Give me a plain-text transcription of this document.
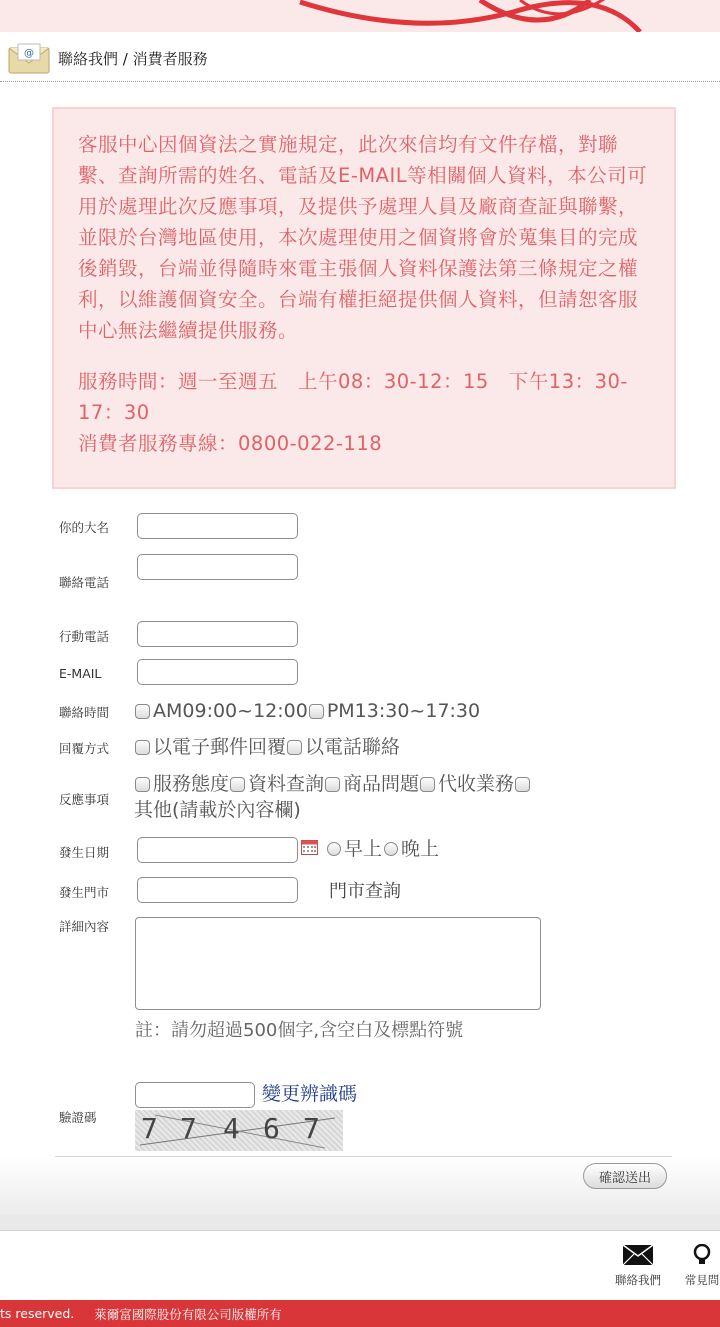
@ 聯絡我們 / 消費者服務

客服中心因個資法之實施規定，此次來信均有文件存檔，對聯繫、查詢所需的姓名、電話及E-MAIL等相關個人資料，本公司可用於處理此次反應事項，及提供予處理人員及廠商查証與聯繫，並限於台灣地區使用，本次處理使用之個資將會於蒐集目的完成後銷毀，台端並得隨時來電主張個人資料保護法第三條規定之權利，以維護個資安全。台端有權拒絕提供個人資料，但請恕客服中心無法繼續提供服務。

服務時間：週一至週五　上午08：30-12：15　下午13：30-17：30

消費者服務專線：0800-022-118

你的大名
聯絡電話
行動電話
E-MAIL
聯絡時間 AM09:00~12:00 PM13:30~17:30
回覆方式 以電子郵件回覆 以電話聯絡
反應事項
服務態度 資料查詢 商品問題 代收業務
其他(請載於內容欄)
發生日期	早上 晚上
發生門市	門市查詢
詳細內容
註：請勿超過500個字,含空白及標點符號
驗證碼
變更辨識碼
7 7 4 6 7
確認送出
聯絡我們 常見問
ts reserved. 萊爾富國際股份有限公司版權所有
